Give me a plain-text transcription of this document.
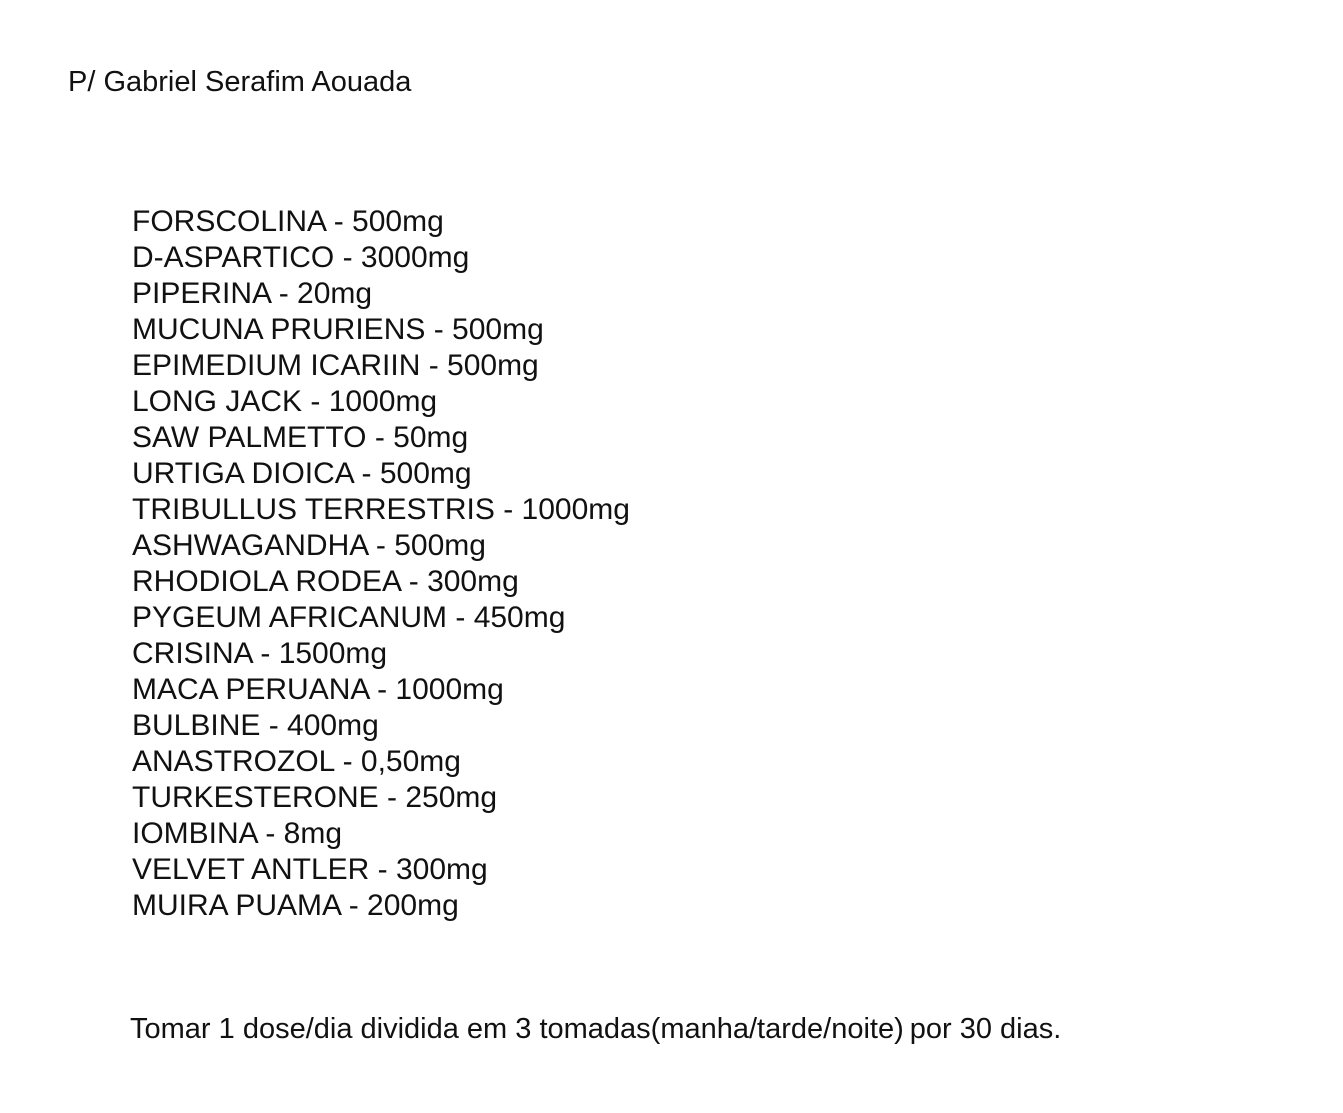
P/ Gabriel Serafim Aouada
FORSCOLINA - 500mg
D-ASPARTICO - 3000mg
PIPERINA - 20mg
MUCUNA PRURIENS - 500mg
EPIMEDIUM ICARIIN - 500mg
LONG JACK - 1000mg
SAW PALMETTO - 50mg
URTIGA DIOICA - 500mg
TRIBULLUS TERRESTRIS - 1000mg
ASHWAGANDHA - 500mg
RHODIOLA RODEA - 300mg
PYGEUM AFRICANUM - 450mg
CRISINA - 1500mg
MACA PERUANA - 1000mg
BULBINE - 400mg
ANASTROZOL - 0,50mg
TURKESTERONE - 250mg
IOMBINA - 8mg
VELVET ANTLER - 300mg
MUIRA PUAMA - 200mg
Tomar 1 dose/dia dividida em 3 tomadas(manha/tarde/noite) por 30 dias.
